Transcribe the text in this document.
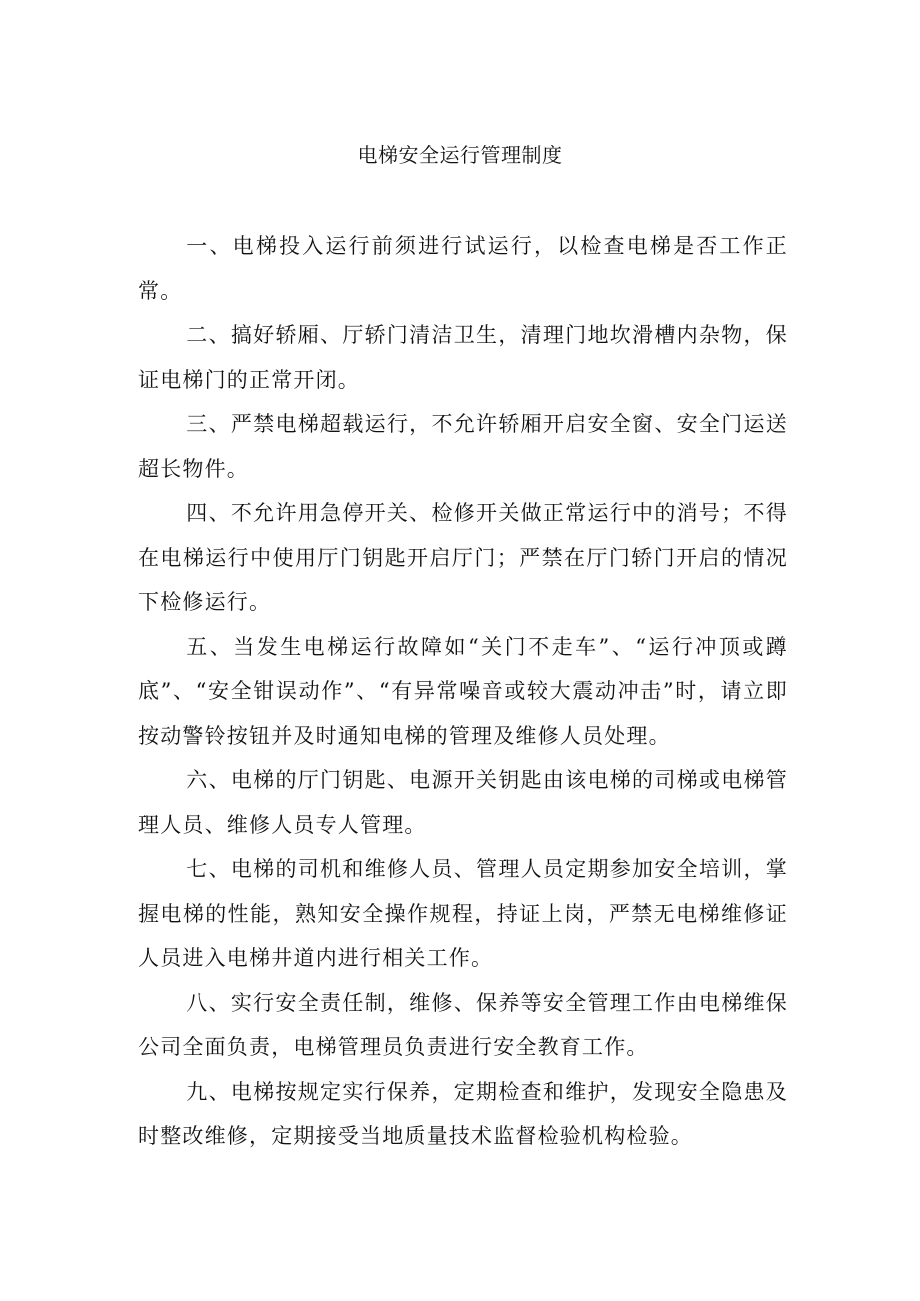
电梯安全运行管理制度

一、电梯投入运行前须进行试运行，以检查电梯是否工作正常。

二、搞好轿厢、厅轿门清洁卫生，清理门地坎滑槽内杂物，保证电梯门的正常开闭。

三、严禁电梯超载运行，不允许轿厢开启安全窗、安全门运送超长物件。

四、不允许用急停开关、检修开关做正常运行中的消号；不得在电梯运行中使用厅门钥匙开启厅门；严禁在厅门轿门开启的情况下检修运行。

五、当发生电梯运行故障如“关门不走车”、“运行冲顶或蹲底”、“安全钳误动作”、“有异常噪音或较大震动冲击”时，请立即按动警铃按钮并及时通知电梯的管理及维修人员处理。

六、电梯的厅门钥匙、电源开关钥匙由该电梯的司梯或电梯管理人员、维修人员专人管理。

七、电梯的司机和维修人员、管理人员定期参加安全培训，掌握电梯的性能，熟知安全操作规程，持证上岗，严禁无电梯维修证人员进入电梯井道内进行相关工作。

八、实行安全责任制，维修、保养等安全管理工作由电梯维保公司全面负责，电梯管理员负责进行安全教育工作。

九、电梯按规定实行保养，定期检查和维护，发现安全隐患及时整改维修，定期接受当地质量技术监督检验机构检验。
